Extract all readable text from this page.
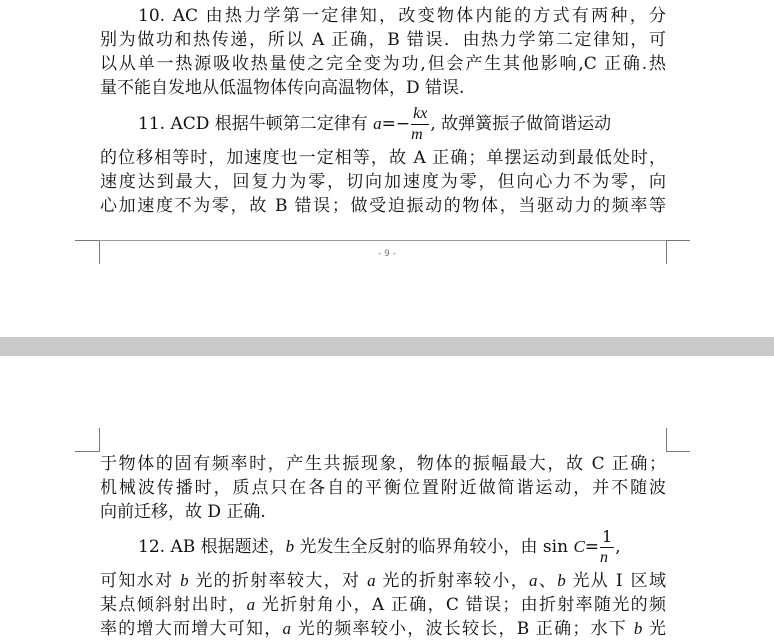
10. AC 由热力学第一定律知，改变物体内能的方式有两种，分
别为做功和热传递，所以 A 正确，B 错误．由热力学第二定律知，可
以从单一热源吸收热量使之完全变为功,但会产生其他影响,C 正确.热
量不能自发地从低温物体传向高温物体，D 错误.
11. ACD 根据牛顿第二定律有 $a=- \frac{kx}{m}$ , 故弹簧振子做简谐运动
的位移相等时，加速度也一定相等，故 A 正确；单摆运动到最低处时，
速度达到最大，回复力为零，切向加速度为零，但向心力不为零，向
心加速度不为零，故 B 错误；做受迫振动的物体，当驱动力的频率等
- 9 -
于物体的固有频率时，产生共振现象，物体的振幅最大，故 C 正确；
机械波传播时，质点只在各自的平衡位置附近做简谐运动，并不随波
向前迁移，故 D 正确.
12. AB 根据题述，b 光发生全反射的临界角较小，由 $\sin C= \frac{1}{n}$ ,
可知水对 b 光的折射率较大，对 a 光的折射率较小，a、b 光从 Ⅰ 区域
某点倾斜射出时，a 光折射角小，A 正确，C 错误；由折射率随光的频
率的增大而增大可知，a 光的频率较小，波长较长，B 正确；水下 b 光
